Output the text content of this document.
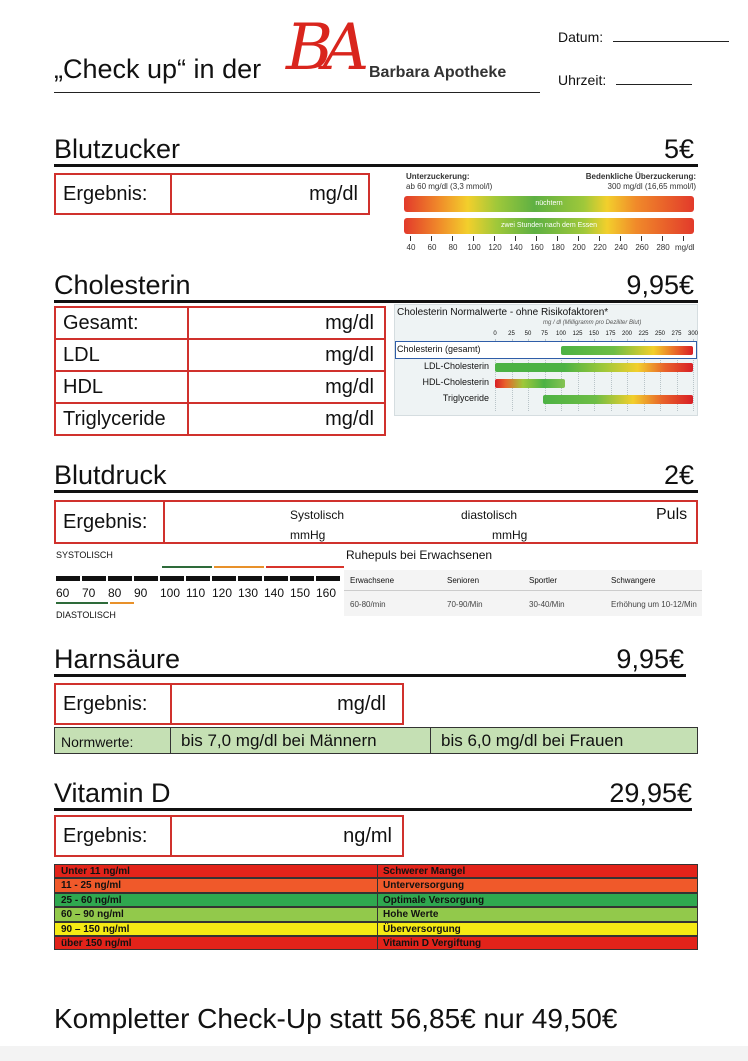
„Check up“ in der BA Barbara Apotheke
Datum:
Uhrzeit:
Blutzucker	5€
Ergebnis:	mg/dl
Unterzuckerung:
ab 60 mg/dl (3,3 mmol/l)
Bedenkliche Überzuckerung:
300 mg/dl (16,65 mmol/l)
nüchtern
zwei Stunden nach dem Essen
40	60	80	100 120 140 160 180 200 220 240 260 280 mg/dl
Cholesterin	9,95€
Gesamt:	mg/dl
LDL	mg/dl
HDL	mg/dl
Triglyceride	mg/dl
Cholesterin Normalwerte - ohne Risikofaktoren*
mg / dl (Milligramm pro Deziliter Blut)
0	25	50	75	100	125	150	175	200	225	250	275	300
Cholesterin (gesamt)
LDL-Cholesterin
HDL-Cholesterin
Triglyceride
Blutdruck	2€
Ergebnis:	Systolisch
mmHg
diastolisch
mmHg
Puls
SYSTOLISCH
60 70 80 90 100 110 120 130 140 150 160
DIASTOLISCH
Ruhepuls bei Erwachsenen
Erwachsene	Senioren	Sportler	Schwangere
60-80/min	70-90/Min	30-40/Min	Erhöhung um 10-12/Min
Harnsäure	9,95€
Ergebnis:	mg/dl
Normwerte:	bis 7,0 mg/dl bei Männern	bis 6,0 mg/dl bei Frauen
Vitamin D	29,95€
Ergebnis:	ng/ml
Unter 11 ng/ml	Schwerer Mangel
11 - 25 ng/ml	Unterversorgung
25 - 60 ng/ml	Optimale Versorgung
60 – 90 ng/ml	Hohe Werte
90 – 150 ng/ml	Überversorgung
über 150 ng/ml	Vitamin D Vergiftung
Kompletter Check-Up statt 56,85€ nur 49,50€
